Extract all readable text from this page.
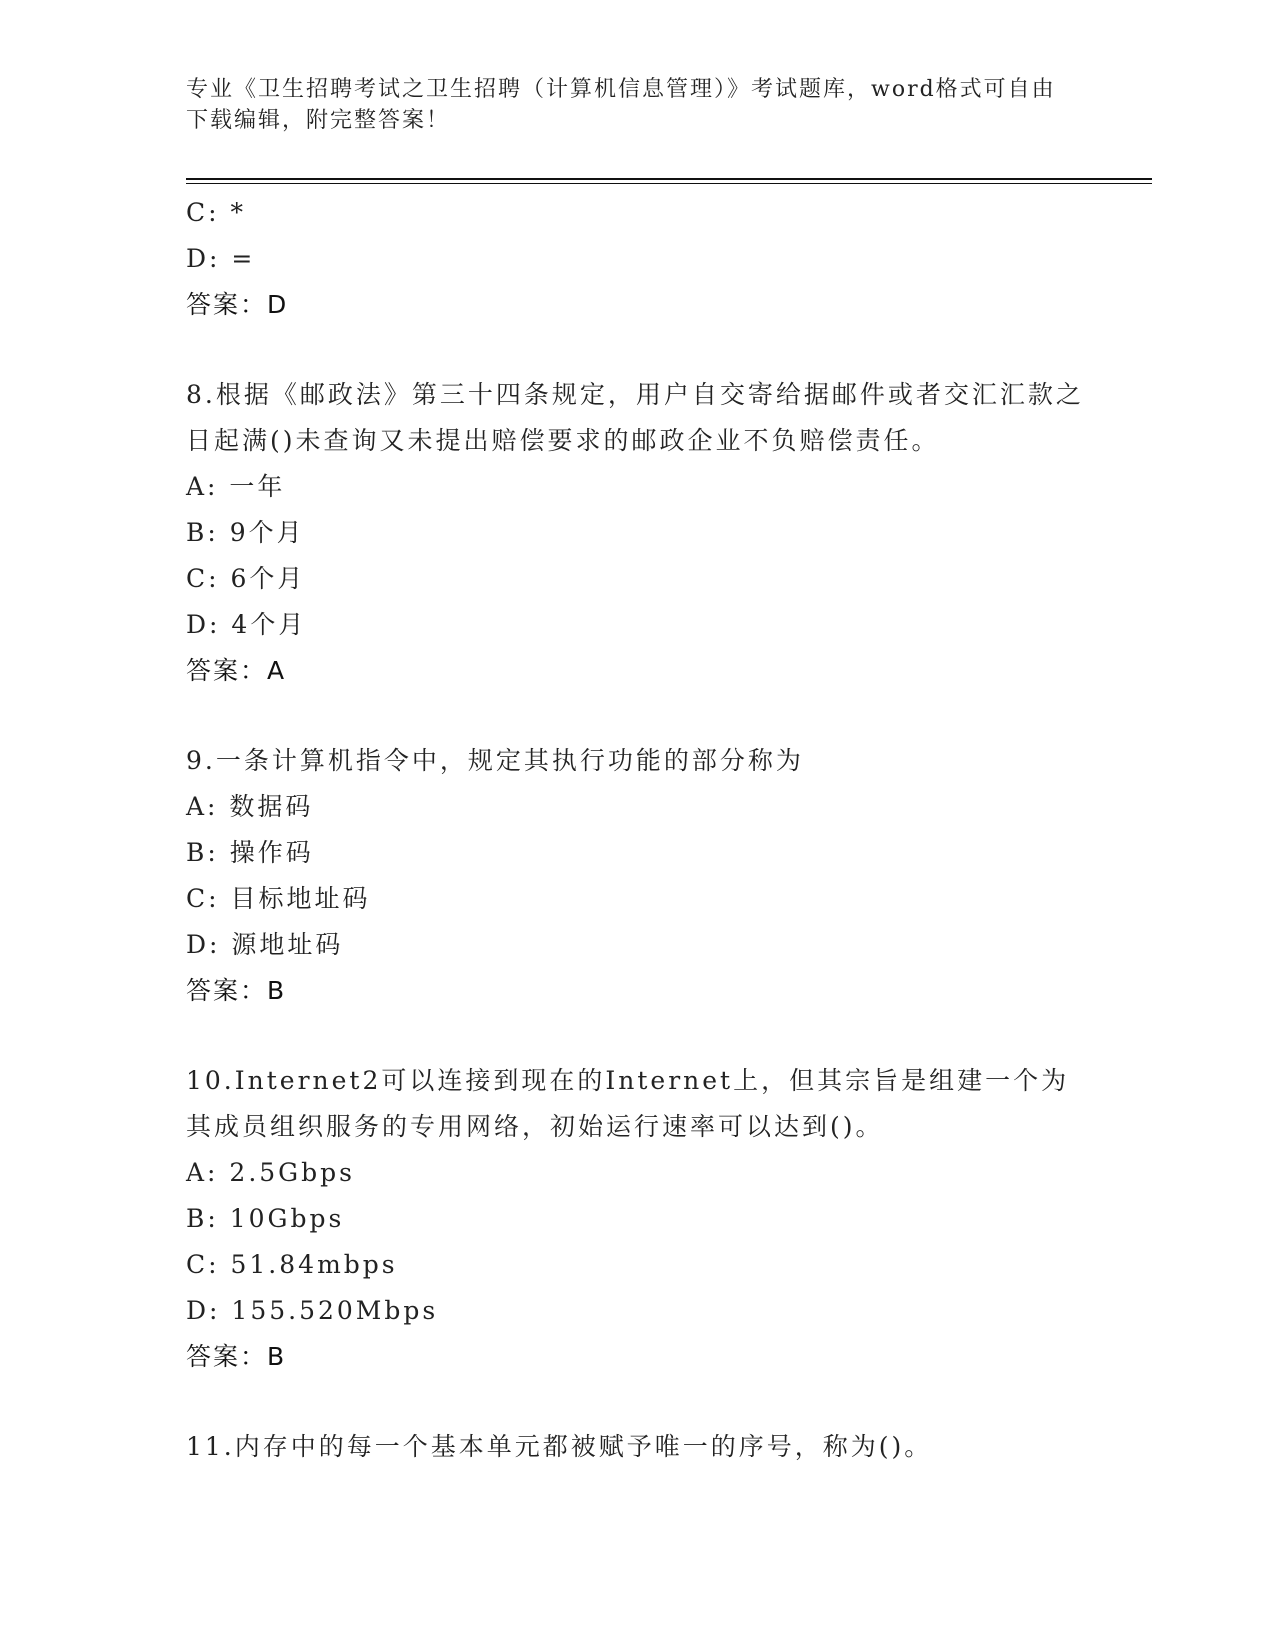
专业《卫生招聘考试之卫生招聘（计算机信息管理）》考试题库，word格式可自由下载编辑，附完整答案！
C: *
D: =
答案：D
8.根据《邮政法》第三十四条规定，用户自交寄给据邮件或者交汇汇款之日起满()未查询又未提出赔偿要求的邮政企业不负赔偿责任。
A: 一年
B: 9个月
C: 6个月
D: 4个月
答案：A
9.一条计算机指令中，规定其执行功能的部分称为
A: 数据码
B: 操作码
C: 目标地址码
D: 源地址码
答案：B
10.Internet2可以连接到现在的Internet上，但其宗旨是组建一个为其成员组织服务的专用网络，初始运行速率可以达到()。
A: 2.5Gbps
B: 10Gbps
C: 51.84mbps
D: 155.520Mbps
答案：B
11.内存中的每一个基本单元都被赋予唯一的序号，称为()。
